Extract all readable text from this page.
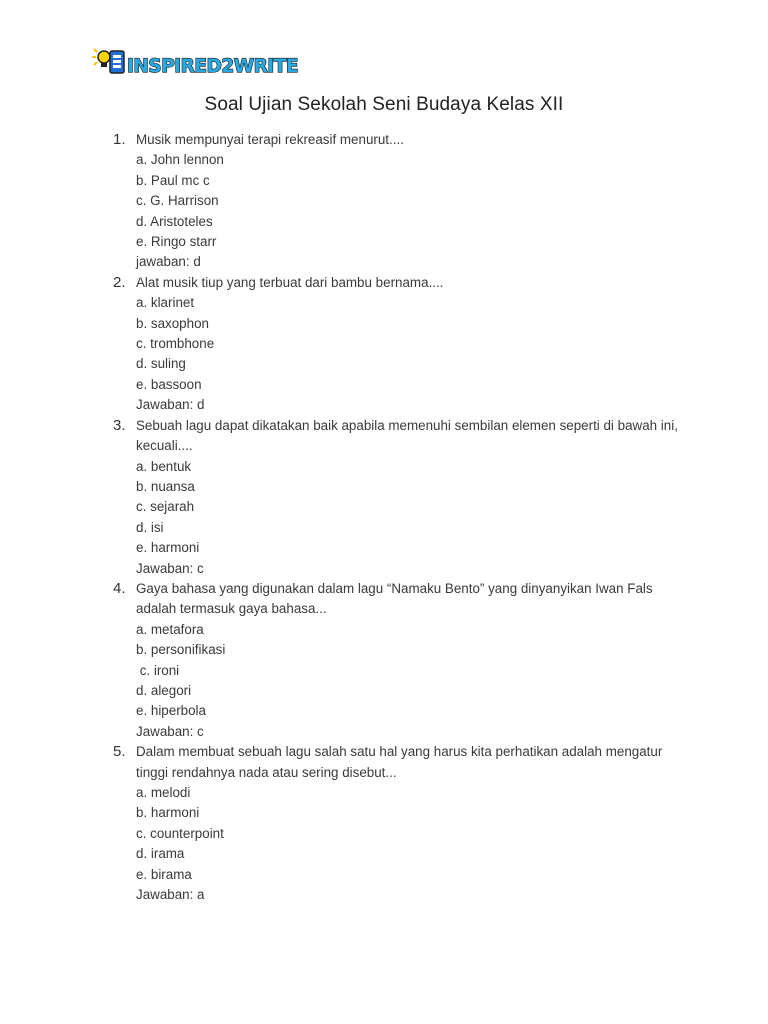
INSPIRED2WRITE
Soal Ujian Sekolah Seni Budaya Kelas XII
1. Musik mempunyai terapi rekreasif menurut....
a. John lennon
b. Paul mc c
c. G. Harrison
d. Aristoteles
e. Ringo starr
jawaban: d
2. Alat musik tiup yang terbuat dari bambu bernama....
a. klarinet
b. saxophon
c. trombhone
d. suling
e. bassoon
Jawaban: d
3. Sebuah lagu dapat dikatakan baik apabila memenuhi sembilan elemen seperti di bawah ini, kecuali....
a. bentuk
b. nuansa
c. sejarah
d. isi
e. harmoni
Jawaban: c
4. Gaya bahasa yang digunakan dalam lagu “Namaku Bento” yang dinyanyikan Iwan Fals adalah termasuk gaya bahasa...
a. metafora
b. personifikasi
c. ironi
d. alegori
e. hiperbola
Jawaban: c
5. Dalam membuat sebuah lagu salah satu hal yang harus kita perhatikan adalah mengatur tinggi rendahnya nada atau sering disebut...
a. melodi
b. harmoni
c. counterpoint
d. irama
e. birama
Jawaban: a
